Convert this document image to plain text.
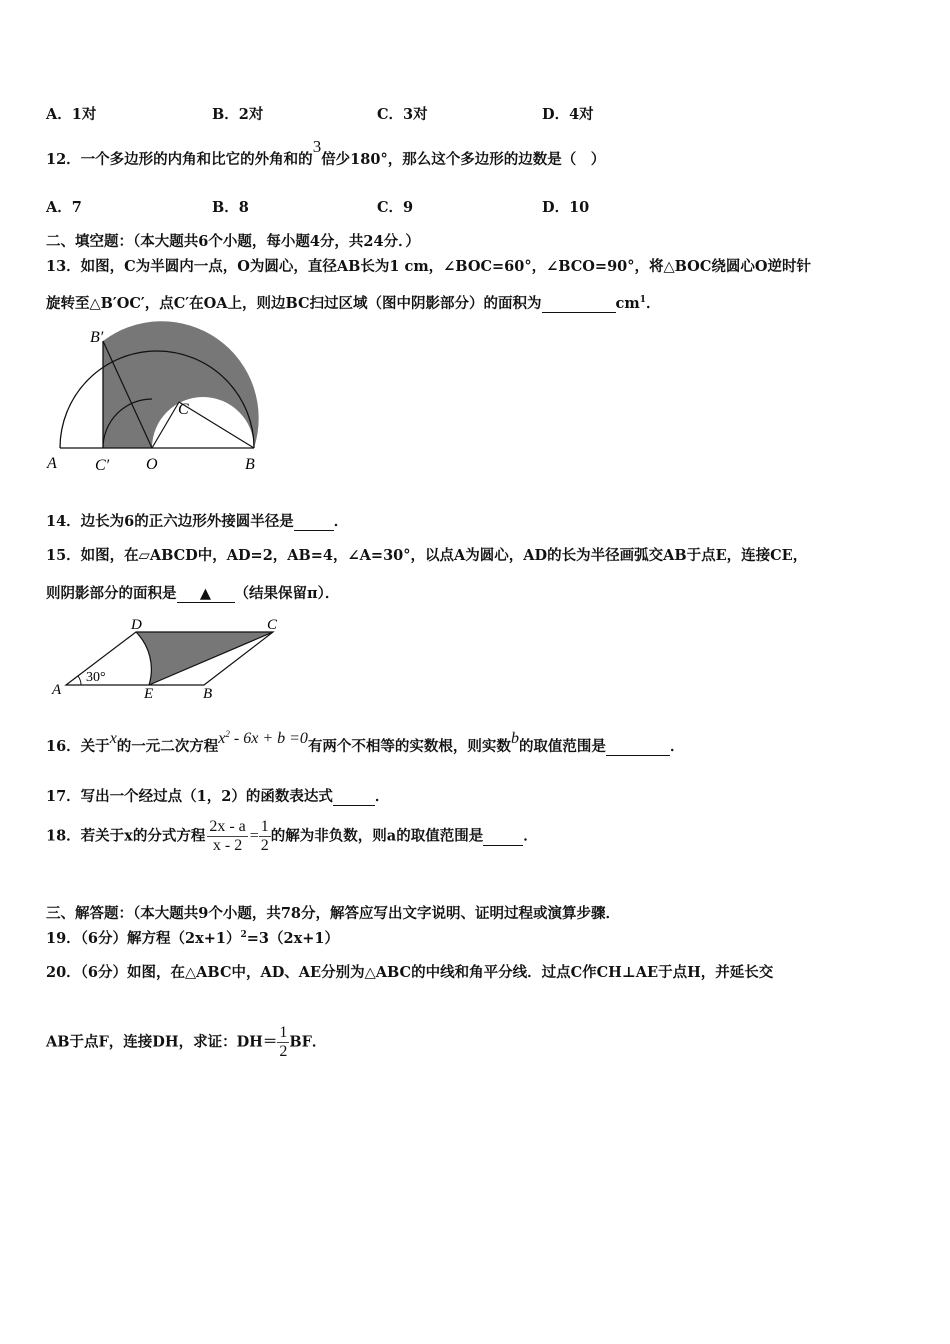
A．1对	B．2对	C．3对	D．4对
12．一个多边形的内角和比它的外角和的3倍少180°，那么这个多边形的边数是（　）
A．7	B．8	C．9	D．10
二、填空题：（本大题共6个小题，每小题4分，共24分．）
13．如图，C为半圆内一点，O为圆心，直径AB长为1 cm，∠BOC=60°，∠BCO=90°，将△BOC绕圆心O逆时针
旋转至△B′OC′，点C′在OA上，则边BC扫过区域（图中阴影部分）的面积为	$cm^1$．
B′
C
A C′ O	B
14．边长为6的正六边形外接圆半径是	．
15．如图，在▱ABCD中，AD=2，AB=4，∠A=30°，以点A为圆心，AD的长为半径画弧交AB于点E，连接CE，
则阴影部分的面积是 ▲ （结果保留π）．
D	C
A	E	B
30°
16．关于x的一元二次方程$x^2 - 6x + b =0$有两个不相等的实数根，则实数b的取值范围是	．
17．写出一个经过点（1，2）的函数表达式	．
18．若关于x的分式方程 $\frac{2x - a}{x - 2} = \frac{1}{2}$ 的解为非负数，则a的取值范围是	．
三、解答题：（本大题共9个小题，共78分，解答应写出文字说明、证明过程或演算步骤．
19．（6分）解方程$(2x+1)^2=3(2x+1)$
20．（6分）如图，在△ABC中，AD、AE分别为△ABC的中线和角平分线．过点C作CH⊥AE于点H，并延长交
AB于点F，连接DH，求证：$DH= \frac{1}{2}$ BF．
